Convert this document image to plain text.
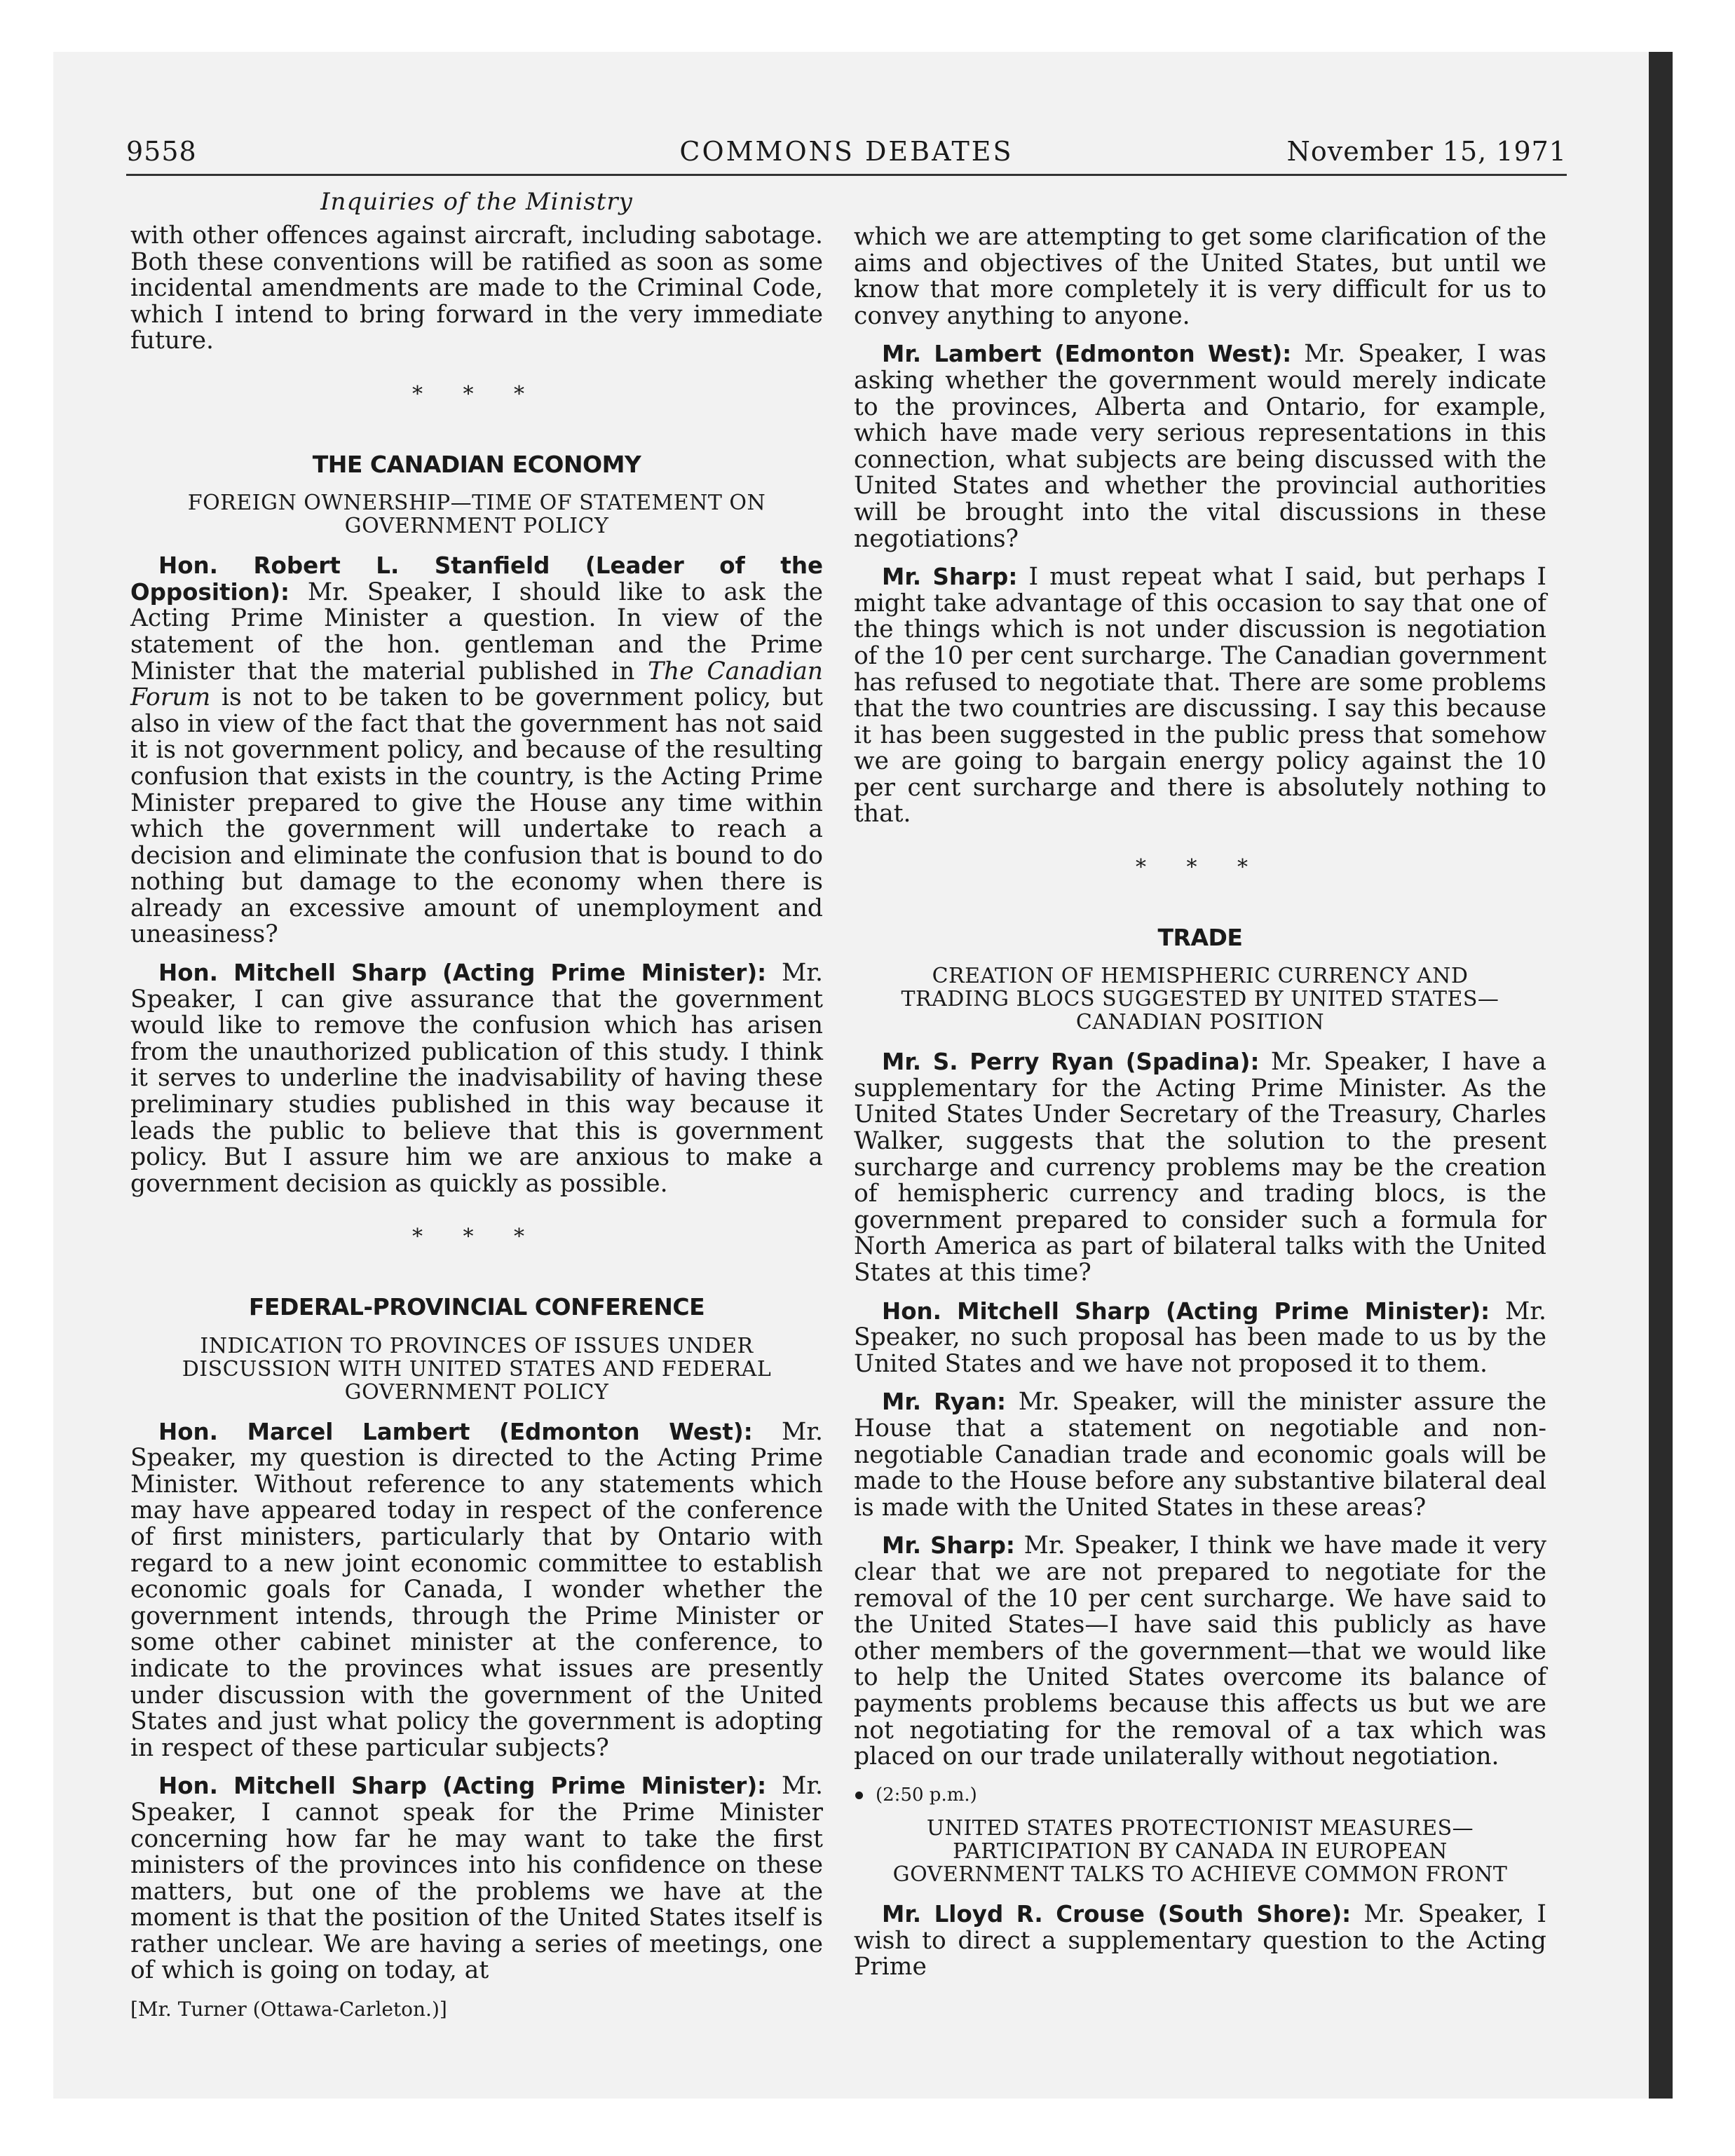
COMMONS DEBATES
9558	November 15, 1971
Inquiries of the Ministry

with other offences against aircraft, including sabotage. Both these conventions will be ratified as soon as some incidental amendments are made to the Criminal Code, which I intend to bring forward in the very immediate future.

* * *
THE CANADIAN ECONOMY
FOREIGN OWNERSHIP—TIME OF STATEMENT ON GOVERNMENT POLICY

Hon. Robert L. Stanfield (Leader of the Opposition): Mr. Speaker, I should like to ask the Acting Prime Minister a question. In view of the statement of the hon. gentleman and the Prime Minister that the material published in The Canadian Forum is not to be taken to be government policy, but also in view of the fact that the government has not said it is not government policy, and because of the resulting confusion that exists in the country, is the Acting Prime Minister prepared to give the House any time within which the government will undertake to reach a decision and eliminate the confusion that is bound to do nothing but damage to the economy when there is already an excessive amount of unemployment and uneasiness?

Hon. Mitchell Sharp (Acting Prime Minister): Mr. Speaker, I can give assurance that the government would like to remove the confusion which has arisen from the unauthorized publication of this study. I think it serves to underline the inadvisability of having these preliminary studies published in this way because it leads the public to believe that this is government policy. But I assure him we are anxious to make a government decision as quickly as possible.

* * *
FEDERAL-PROVINCIAL CONFERENCE
INDICATION TO PROVINCES OF ISSUES UNDER DISCUSSION WITH UNITED STATES AND FEDERAL GOVERNMENT POLICY

Hon. Marcel Lambert (Edmonton West): Mr. Speaker, my question is directed to the Acting Prime Minister. Without reference to any statements which may have appeared today in respect of the conference of first ministers, particularly that by Ontario with regard to a new joint economic committee to establish economic goals for Canada, I wonder whether the government intends, through the Prime Minister or some other cabinet minister at the conference, to indicate to the provinces what issues are presently under discussion with the government of the United States and just what policy the government is adopting in respect of these particular subjects?

Hon. Mitchell Sharp (Acting Prime Minister): Mr. Speaker, I cannot speak for the Prime Minister concerning how far he may want to take the first ministers of the provinces into his confidence on these matters, but one of the problems we have at the moment is that the position of the United States itself is rather unclear. We are having a series of meetings, one of which is going on today, at

[Mr. Turner (Ottawa-Carleton.)]

which we are attempting to get some clarification of the aims and objectives of the United States, but until we know that more completely it is very difficult for us to convey anything to anyone.

Mr. Lambert (Edmonton West): Mr. Speaker, I was asking whether the government would merely indicate to the provinces, Alberta and Ontario, for example, which have made very serious representations in this connection, what subjects are being discussed with the United States and whether the provincial authorities will be brought into the vital discussions in these negotiations?

Mr. Sharp: I must repeat what I said, but perhaps I might take advantage of this occasion to say that one of the things which is not under discussion is negotiation of the 10 per cent surcharge. The Canadian government has refused to negotiate that. There are some problems that the two countries are discussing. I say this because it has been suggested in the public press that somehow we are going to bargain energy policy against the 10 per cent surcharge and there is absolutely nothing to that.

* * *
TRADE
CREATION OF HEMISPHERIC CURRENCY AND TRADING BLOCS SUGGESTED BY UNITED STATES—CANADIAN POSITION

Mr. S. Perry Ryan (Spadina): Mr. Speaker, I have a supplementary for the Acting Prime Minister. As the United States Under Secretary of the Treasury, Charles Walker, suggests that the solution to the present surcharge and currency problems may be the creation of hemispheric currency and trading blocs, is the government prepared to consider such a formula for North America as part of bilateral talks with the United States at this time?

Hon. Mitchell Sharp (Acting Prime Minister): Mr. Speaker, no such proposal has been made to us by the United States and we have not proposed it to them.

Mr. Ryan: Mr. Speaker, will the minister assure the House that a statement on negotiable and non-negotiable Canadian trade and economic goals will be made to the House before any substantive bilateral deal is made with the United States in these areas?

Mr. Sharp: Mr. Speaker, I think we have made it very clear that we are not prepared to negotiate for the removal of the 10 per cent surcharge. We have said to the United States—I have said this publicly as have other members of the government—that we would like to help the United States overcome its balance of payments problems because this affects us but we are not negotiating for the removal of a tax which was placed on our trade unilaterally without negotiation.

(2:50 p.m.)
UNITED STATES PROTECTIONIST MEASURES—PARTICIPATION BY CANADA IN EUROPEAN GOVERNMENT TALKS TO ACHIEVE COMMON FRONT

Mr. Lloyd R. Crouse (South Shore): Mr. Speaker, I wish to direct a supplementary question to the Acting Prime
